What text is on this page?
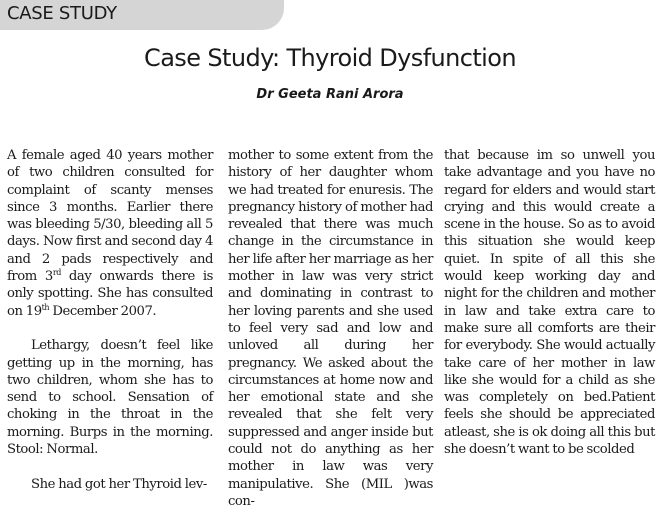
CASE STUDY
Case Study: Thyroid Dysfunction
Dr Geeta Rani Arora

A female aged 40 years mother of two children consulted for complaint of scanty menses since 3 months. Earlier there was bleeding 5/30, bleeding all 5 days. Now first and second day 4 and 2 pads respectively and from 3rd day onwards there is only spotting. She has consulted on 19th December 2007.

Lethargy, doesn’t feel like getting up in the morning, has two children, whom she has to send to school. Sensation of choking in the throat in the morning. Burps in the morning. Stool: Normal.

She had got her Thyroid lev-

mother to some extent from the history of her daughter whom we had treated for enuresis. The pregnancy history of mother had revealed that there was much change in the circumstance in her life after her marriage as her mother in law was very strict and dominating in contrast to her loving parents and she used to feel very sad and low and unloved all during her pregnancy. We asked about the circumstances at home now and her emotional state and she revealed that she felt very suppressed and anger inside but could not do anything as her mother in law was very manipulative. She (MIL )was con-

that because im so unwell you take advantage and you have no regard for elders and would start crying and this would create a scene in the house. So as to avoid this situation she would keep quiet. In spite of all this she would keep working day and night for the children and mother in law and take extra care to make sure all comforts are their for everybody. She would actually take care of her mother in law like she would for a child as she was completely on bed.Patient feels she should be appreciated atleast, she is ok doing all this but she doesn’t want to be scolded
